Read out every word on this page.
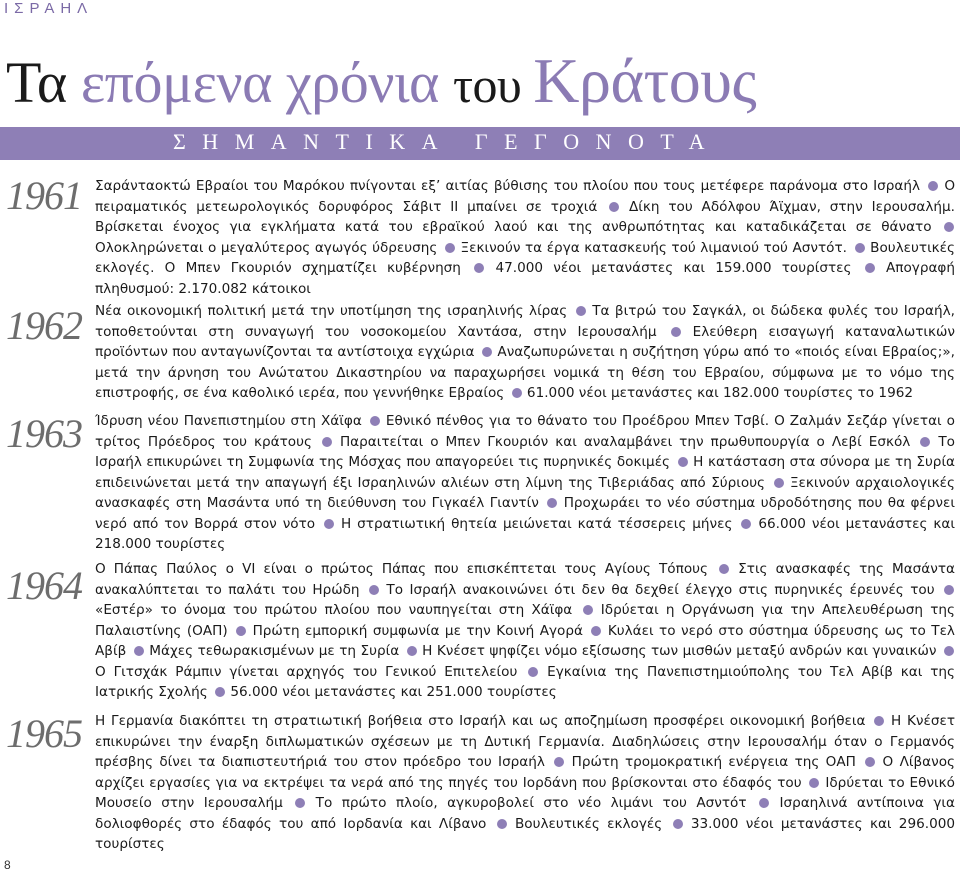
ΙΣΡΑΗΛ
Τα επόμενα χρόνια του Κράτους
ΣΗΜΑΝΤΙΚΑ ΓΕΓΟΝΟΤΑ
1961 Σαράνταοκτώ Εβραίοι του Μαρόκου πνίγονται εξ’ αιτίας βύθισης του πλοίου που τους μετέφερε παράνομα στο Ισραήλ Ο πειραματικός μετεωρολογικός δορυφόρος Σάβιτ ΙΙ μπαίνει σε τροχιά Δίκη του Αδόλφου Άϊχμαν, στην Ιερουσαλήμ. Βρίσκεται ένοχος για εγκλήματα κατά του εβραϊκού λαού και της ανθρωπότητας και καταδικάζεται σε θάνατο Ολοκληρώνεται ο μεγαλύτερος αγωγός ύδρευσης Ξεκινούν τα έργα κατασκευής τού λιμανιού τού Ασντότ. Βουλευτικές εκλογές. Ο Μπεν Γκουριόν σχηματίζει κυβέρνηση	47.000 νέοι μετανάστες και 159.000 τουρίστες	Απογραφή πληθυσμού: 2.170.082 κάτοικοι
1962 Νέα οικονομική πολιτική μετά την υποτίμηση της ισραηλινής λίρας Τα βιτρώ του Σαγκάλ, οι δώδεκα φυλές του Ισραήλ, τοποθετούνται στη συναγωγή του νοσοκομείου Χαντάσα, στην Ιερουσαλήμ	Ελεύθερη εισαγωγή καταναλωτικών προϊόντων που ανταγωνίζονται τα αντίστοιχα εγχώρια Αναζωπυρώνεται η συζήτηση γύρω από το «ποιός είναι Εβραίος;», μετά την άρνηση του Ανώτατου Δικαστηρίου να παραχωρήσει νομικά τη θέση του Εβραίου, σύμφωνα με το νόμο της επιστροφής, σε ένα καθολικό ιερέα, που γεννήθηκε Εβραίος 61.000 νέοι μετανάστες και 182.000 τουρίστες το 1962
1963 Ίδρυση νέου Πανεπιστημίου στη Χάϊφα Εθνικό πένθος για το θάνατο του Προέδρου Μπεν Τσβί. Ο Ζαλμάν Σεζάρ γίνεται ο τρίτος Πρόεδρος του κράτους Παραιτείται ο Μπεν Γκουριόν και αναλαμβάνει την πρωθυπουργία ο Λεβί Εσκόλ Το Ισραήλ επικυρώνει τη Συμφωνία της Μόσχας που απαγορεύει τις πυρηνικές δοκιμές Η κατάσταση στα σύνορα με τη Συρία επιδεινώνεται μετά την απαγωγή έξι Ισραηλινών αλιέων στη λίμνη της Τιβεριάδας από Σύριους Ξεκινούν αρχαιολογικές ανασκαφές στη Μασάντα υπό τη διεύθυνση του Γιγκαέλ Γιαντίν Προχωράει το νέο σύστημα υδροδότησης που θα φέρνει νερό από τον Βορρά στον νότο Η στρατιωτική θητεία μειώνεται κατά τέσσερεις μήνες 66.000 νέοι μετανάστες και 218.000 τουρίστες
1964 Ο Πάπας Παύλος ο VI είναι ο πρώτος Πάπας που επισκέπτεται τους Αγίους Τόπους Στις ανασκαφές της Μασάντα ανακαλύπτεται το παλάτι του Ηρώδη Το Ισραήλ ανακοινώνει ότι δεν θα δεχθεί έλεγχο στις πυρηνικές έρευνές του «Εστέρ» το όνομα του πρώτου πλοίου που ναυπηγείται στη Χάϊφα Ιδρύεται η Οργάνωση για την Απελευθέρωση της Παλαιστίνης (ΟΑΠ) Πρώτη εμπορική συμφωνία με την Κοινή Αγορά Κυλάει το νερό στο σύστημα ύδρευσης ως το Τελ Αβίβ Μάχες τεθωρακισμένων με τη Συρία Η Κνέσετ ψηφίζει νόμο εξίσωσης των μισθών μεταξύ ανδρών και γυναικών Ο Γιτσχάκ Ράμπιν γίνεται αρχηγός του Γενικού Επιτελείου Εγκαίνια της Πανεπιστημιούπολης του Τελ Αβίβ και της Ιατρικής Σχολής 56.000 νέοι μετανάστες και 251.000 τουρίστες
1965 Η Γερμανία διακόπτει τη στρατιωτική βοήθεια στο Ισραήλ και ως αποζημίωση προσφέρει οικονομική βοήθεια Η Κνέσετ επικυρώνει την έναρξη διπλωματικών σχέσεων με τη Δυτική Γερμανία. Διαδηλώσεις στην Ιερουσαλήμ όταν ο Γερμανός πρέσβης δίνει τα διαπιστευτήριά του στον πρόεδρο του Ισραήλ Πρώτη τρομοκρατική ενέργεια της ΟΑΠ Ο Λίβανος αρχίζει εργασίες για να εκτρέψει τα νερά από της πηγές του Ιορδάνη που βρίσκονται στο έδαφός του Ιδρύεται το Εθνικό Μουσείο στην Ιερουσαλήμ Το πρώτο πλοίο, αγκυροβολεί στο νέο λιμάνι του Ασντότ Ισραηλινά αντίποινα για δολιοφθορές στο έδαφός του από Ιορδανία και Λίβανο Βουλευτικές εκλογές 33.000 νέοι μετανάστες και 296.000 τουρίστες
8
